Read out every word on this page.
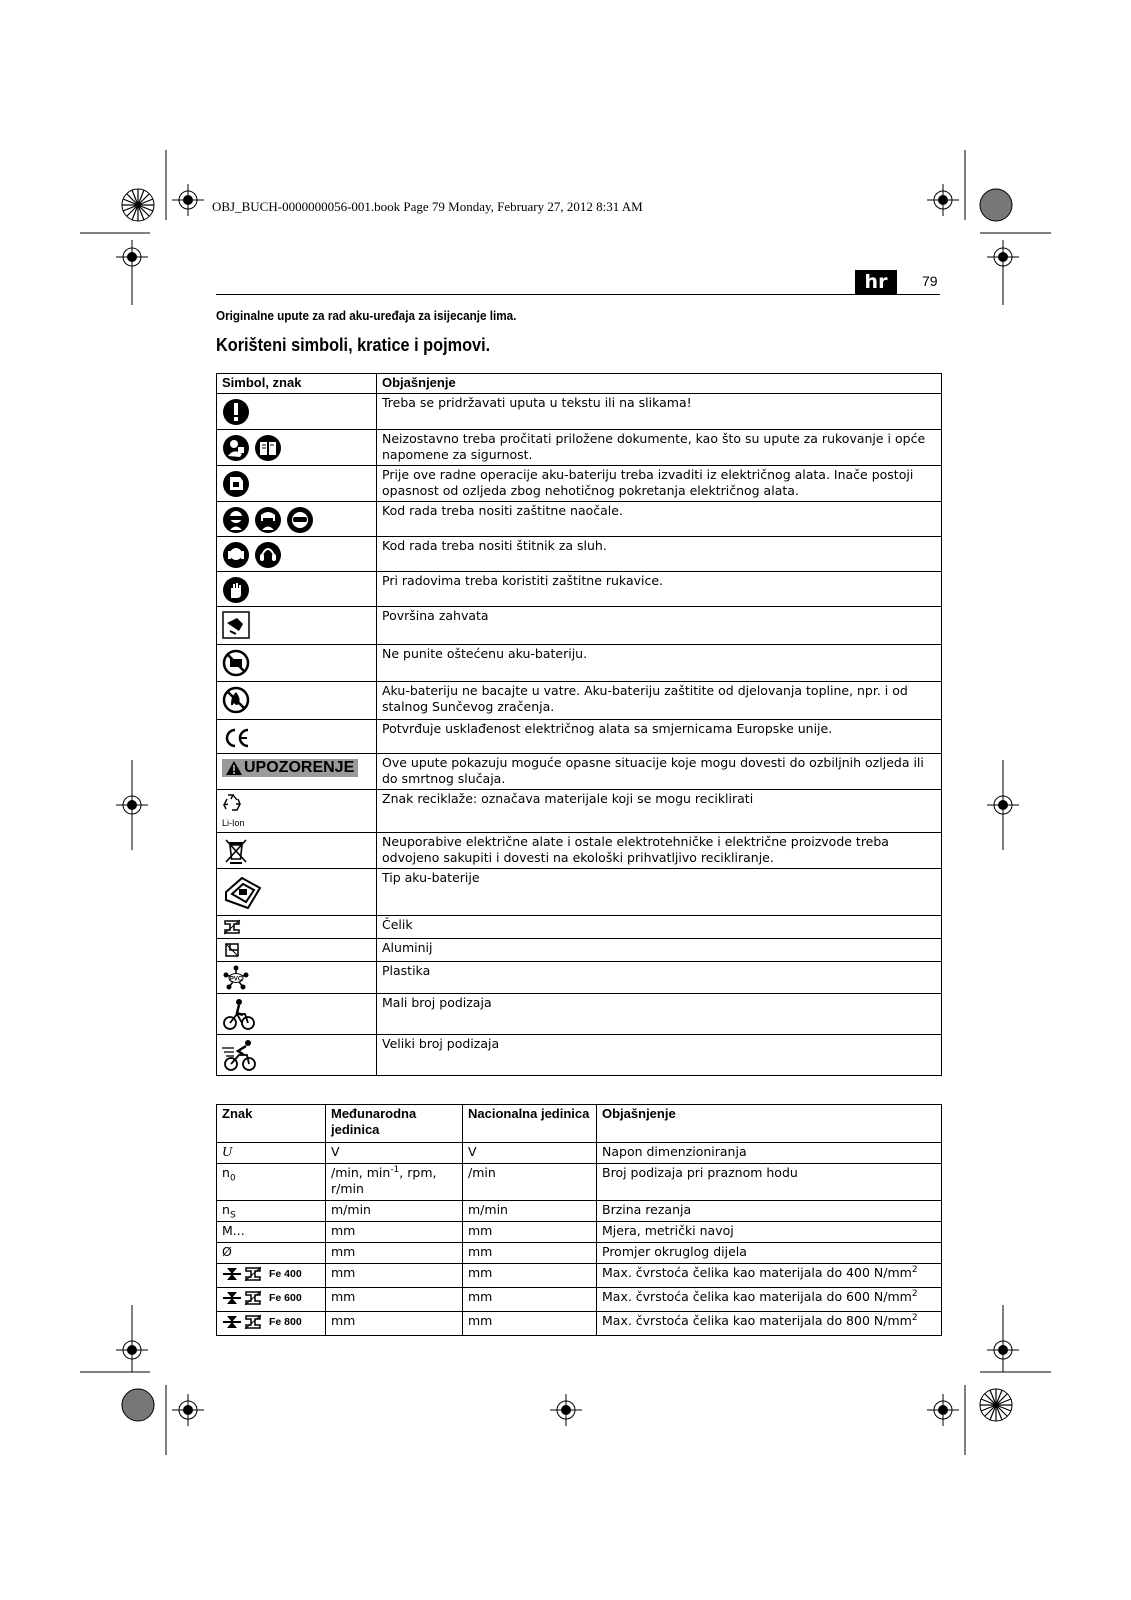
OBJ_BUCH-0000000056-001.book Page 79 Monday, February 27, 2012 8:31 AM
hr	79
Originalne upute za rad aku-uređaja za isijecanje lima.
Korišteni simboli, kratice i pojmovi.
Simbol, znak	Objašnjenje

	Treba se pridržavati uputa u tekstu ili na slikama!

	Neizostavno treba pročitati priložene dokumente, kao što su upute za rukovanje i opće napomene za sigurnost.

	Prije ove radne operacije aku-bateriju treba izvaditi iz električnog alata. Inače postoji opasnost od ozljeda zbog nehotičnog pokretanja električnog alata.

	Kod rada treba nositi zaštitne naočale.

	Kod rada treba nositi štitnik za sluh.

	Pri radovima treba koristiti zaštitne rukavice.

	Površina zahvata

	Ne punite oštećenu aku-bateriju.

	Aku-bateriju ne bacajte u vatre. Aku-bateriju zaštitite od djelovanja topline, npr. i od stalnog Sunčevog zračenja.

	Potvrđuje usklađenost električnog alata sa smjernicama Europske unije.

UPOZORENJE	Ove upute pokazuju moguće opasne situacije koje mogu dovesti do ozbiljnih ozljeda ili do smrtnog slučaja.

Li-Ion	Znak reciklaže: označava materijale koji se mogu reciklirati

	Neuporabive električne alate i ostale elektrotehničke i električne proizvode treba odvojeno sakupiti i dovesti na ekološki prihvatljivo recikliranje.

	Tip aku-baterije

	Čelik

	Aluminij

PVC	Plastika

	Mali broj podizaja

	Veliki broj podizaja
Znak	Međunarodna jedinica	Nacionalna jedinica	Objašnjenje
U	V	V	Napon dimenzioniranja
$n_0$	/min, $\min^{-1}$, rpm, r/min	/min	Broj podizaja pri praznom hodu
$n_S$	m/min	m/min	Brzina rezanja
M...	mm	mm	Mjera, metrički navoj
Ø	mm	mm	Promjer okruglog dijela

Fe 400	mm	mm	Max. čvrstoća čelika kao materijala do 400 $N/mm^2$

Fe 600	mm	mm	Max. čvrstoća čelika kao materijala do 600 $N/mm^2$

Fe 800	mm	mm	Max. čvrstoća čelika kao materijala do 800 $N/mm^2$
